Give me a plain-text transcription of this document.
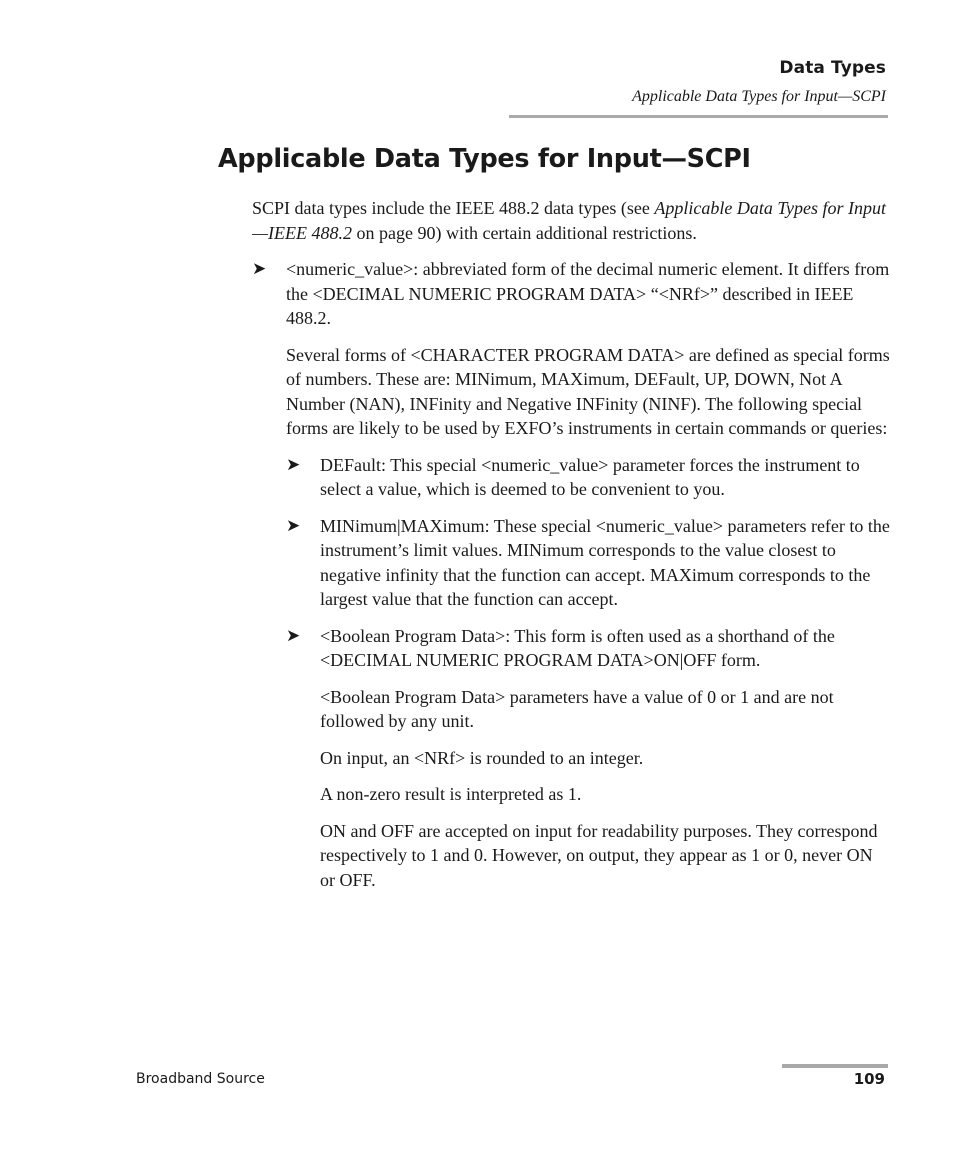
Data Types
Applicable Data Types for Input—SCPI
Applicable Data Types for Input—SCPI

SCPI data types include the IEEE 488.2 data types (see Applicable Data Types for Input—IEEE 488.2 on page 90) with certain additional restrictions.

➤ <numeric_value>: abbreviated form of the decimal numeric element. It differs from the <DECIMAL NUMERIC PROGRAM DATA> “<NRf>” described in IEEE 488.2.

Several forms of <CHARACTER PROGRAM DATA> are defined as special forms of numbers. These are: MINimum, MAXimum, DEFault, UP, DOWN, Not A Number (NAN), INFinity and Negative INFinity (NINF). The following special forms are likely to be used by EXFO’s instruments in certain commands or queries:

➤ DEFault: This special <numeric_value> parameter forces the instrument to select a value, which is deemed to be convenient to you.

➤ MINimum|MAXimum: These special <numeric_value> parameters refer to the instrument’s limit values. MINimum corresponds to the value closest to negative infinity that the function can accept. MAXimum corresponds to the largest value that the function can accept.

➤ <Boolean Program Data>: This form is often used as a shorthand of the <DECIMAL NUMERIC PROGRAM DATA>ON|OFF form.

<Boolean Program Data> parameters have a value of 0 or 1 and are not followed by any unit.

On input, an <NRf> is rounded to an integer.

A non-zero result is interpreted as 1.

ON and OFF are accepted on input for readability purposes. They correspond respectively to 1 and 0. However, on output, they appear as 1 or 0, never ON or OFF.

Broadband Source	109
